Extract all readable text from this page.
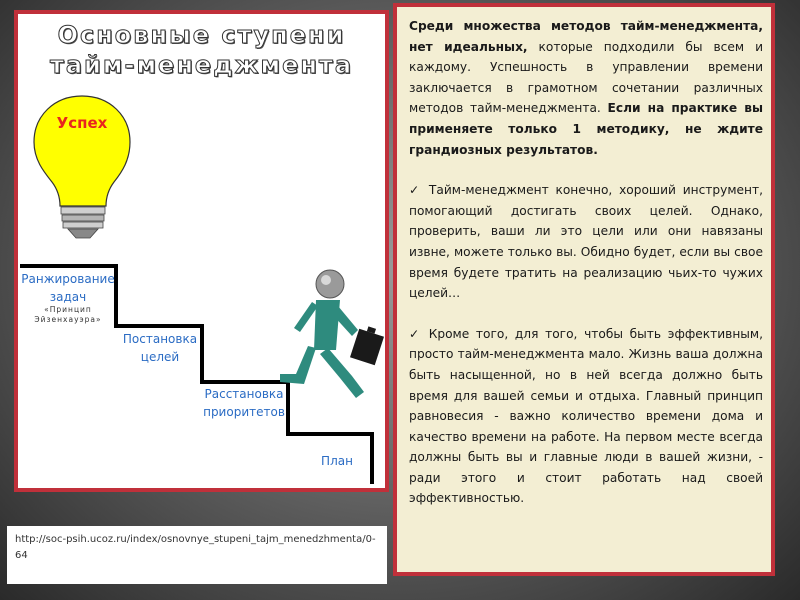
Основные ступени
тайм-менеджмента
Успех
Ранжирование
задач
«Принцип
Эйзенхауэра»
Постановка
целей
Расстановка
приоритетов
План

Среди множества методов тайм-менеджмента, нет идеальных, которые подходили бы всем и каждому. Успешность в управлении времени заключается в грамотном сочетании различных методов тайм-менеджмента. Если на практике вы применяете только 1 методику, не ждите грандиозных результатов.

✓ Тайм-менеджмент конечно, хороший инструмент, помогающий достигать своих целей. Однако, проверить, ваши ли это цели или они навязаны извне, можете только вы. Обидно будет, если вы свое время будете тратить на реализацию чьих-то чужих целей…

✓ Кроме того, для того, чтобы быть эффективным, просто тайм-менеджмента мало. Жизнь ваша должна быть насыщенной, но в ней всегда должно быть время для вашей семьи и отдыха. Главный принцип равновесия - важно количество времени дома и качество времени на работе. На первом месте всегда должны быть вы и главные люди в вашей жизни, - ради этого и стоит работать над своей эффективностью.

http://soc-psih.ucoz.ru/index/osnovnye_stupeni_tajm_menedzhmenta/0-64
